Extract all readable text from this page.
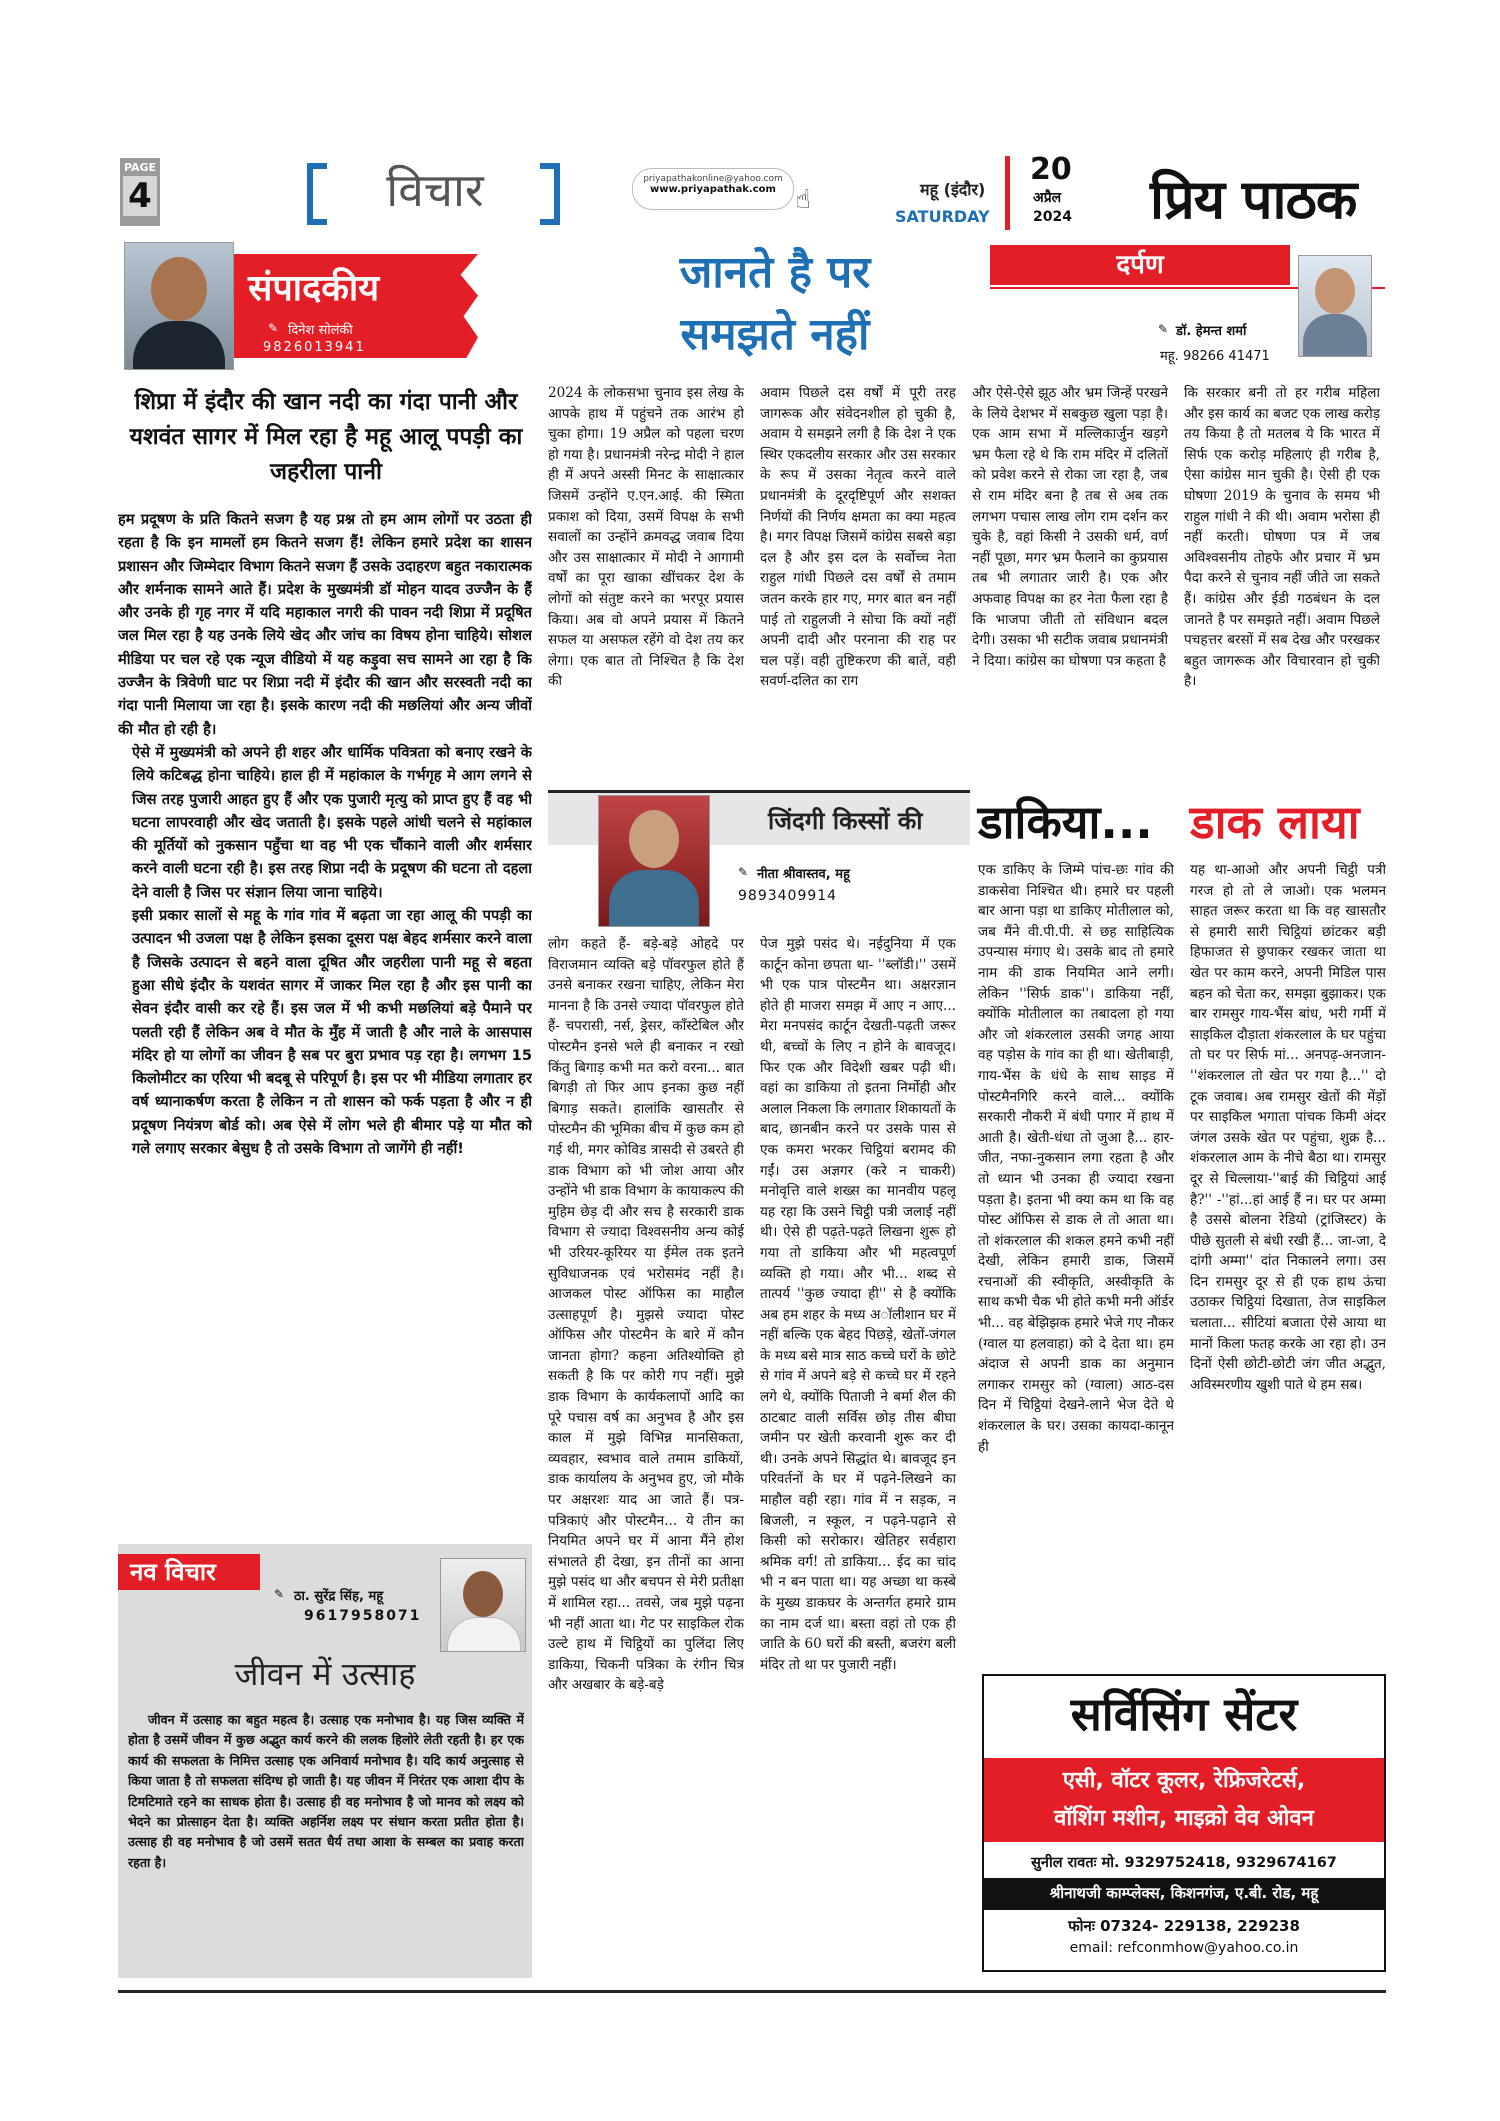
PAGE
4	विचार	priyapathakonline@yahoo.com
www.priyapathak.com ☝	महू (इंदौर)
SATURDAY
20
अप्रैल
2024 प्रिय पाठक
संपादकीय
✎ दिनेश सोलंकी
9826013941
शिप्रा में इंदौर की खान नदी का गंदा पानी और यशवंत सागर में मिल रहा है महू आलू पपड़ी का जहरीला पानी

हम प्रदूषण के प्रति कितने सजग है यह प्रश्न तो हम आम लोगों पर उठता ही रहता है कि इन मामलों हम कितने सजग हैं! लेकिन हमारे प्रदेश का शासन प्रशासन और जिम्मेदार विभाग कितने सजग हैं उसके उदाहरण बहुत नकारात्मक और शर्मनाक सामने आते हैं। प्रदेश के मुख्यमंत्री डॉ मोहन यादव उज्जैन के हैं और उनके ही गृह नगर में यदि महाकाल नगरी की पावन नदी शिप्रा में प्रदूषित जल मिल रहा है यह उनके लिये खेद और जांच का विषय होना चाहिये। सोशल मीडिया पर चल रहे एक न्यूज वीडियो में यह कड़ुवा सच सामने आ रहा है कि उज्जैन के त्रिवेणी घाट पर शिप्रा नदी में इंदौर की खान और सरस्वती नदी का गंदा पानी मिलाया जा रहा है। इसके कारण नदी की मछलियां और अन्य जीवों की मौत हो रही है।

ऐसे में मुख्यमंत्री को अपने ही शहर और धार्मिक पवित्रता को बनाए रखने के लिये कटिबद्ध होना चाहिये। हाल ही में महांकाल के गर्भगृह मे आग लगने से जिस तरह पुजारी आहत हुए हैं और एक पुजारी मृत्यु को प्राप्त हुए हैं वह भी घटना लापरवाही और खेद जताती है। इसके पहले आंधी चलने से महांकाल की मूर्तियों को नुकसान पहुँचा था वह भी एक चौंकाने वाली और शर्मसार करने वाली घटना रही है। इस तरह शिप्रा नदी के प्रदूषण की घटना तो दहला देने वाली है जिस पर संज्ञान लिया जाना चाहिये।

इसी प्रकार सालों से महू के गांव गांव में बढ़ता जा रहा आलू की पपड़ी का उत्पादन भी उजला पक्ष है लेकिन इसका दूसरा पक्ष बेहद शर्मसार करने वाला है जिसके उत्पादन से बहने वाला दूषित और जहरीला पानी महू से बहता हुआ सीधे इंदौर के यशवंत सागर में जाकर मिल रहा है और इस पानी का सेवन इंदौर वासी कर रहे हैं। इस जल में भी कभी मछलियां बड़े पैमाने पर पलती रही हैं लेकिन अब वे मौत के मुँह में जाती है और नाले के आसपास मंदिर हो या लोगों का जीवन है सब पर बुरा प्रभाव पड़ रहा है। लगभग 15 किलोमीटर का एरिया भी बदबू से परिपूर्ण है। इस पर भी मीडिया लगातार हर वर्ष ध्यानाकर्षण करता है लेकिन न तो शासन को फर्क पड़ता है और न ही प्रदूषण नियंत्रण बोर्ड को। अब ऐसे में लोग भले ही बीमार पड़े या मौत को गले लगाए सरकार बेसुध है तो उसके विभाग तो जागेंगे ही नहीं!

नव विचार
✎ ठा. सुरेंद्र सिंह, महू
9617958071
जीवन में उत्साह
जीवन में उत्साह का बहुत महत्व है। उत्साह एक मनोभाव है। यह जिस व्यक्ति में होता है उसमें जीवन में कुछ अद्भुत कार्य करने की ललक हिलोरे लेती रहती है। हर एक कार्य की सफलता के निमित्त उत्साह एक अनिवार्य मनोभाव है। यदि कार्य अनुत्साह से किया जाता है तो सफलता संदिग्ध हो जाती है। यह जीवन में निरंतर एक आशा दीप के टिमटिमाते रहने का साधक होता है। उत्साह ही वह मनोभाव है जो मानव को लक्ष्य को भेदने का प्रोत्साहन देता है। व्यक्ति अहर्निश लक्ष्य पर संधान करता प्रतीत होता है। उत्साह ही वह मनोभाव है जो उसमें सतत धैर्य तथा आशा के सम्बल का प्रवाह करता रहता है।
जानते है पर
समझते नहीं
दर्पण
✎ डॉ. हेमन्त शर्मा
महू. 98266 41471
2024 के लोकसभा चुनाव इस लेख के आपके हाथ में पहुंचने तक आरंभ हो चुका होगा। 19 अप्रैल को पहला चरण हो गया है। प्रधानमंत्री नरेन्द्र मोदी ने हाल ही में अपने अस्सी मिनट के साक्षात्कार जिसमें उन्होंने ए.एन.आई. की स्मिता प्रकाश को दिया, उसमें विपक्ष के सभी सवालों का उन्होंने क्रमवद्ध जवाब दिया और उस साक्षात्कार में मोदी ने आगामी वर्षों का पूरा खाका खींचकर देश के लोगों को संतुष्ट करने का भरपूर प्रयास किया। अब वो अपने प्रयास में कितने सफल या असफल रहेंगे वो देश तय कर लेगा। एक बात तो निश्चित है कि देश की
अवाम पिछले दस वर्षों में पूरी तरह जागरूक और संवेदनशील हो चुकी है, अवाम ये समझने लगी है कि देश ने एक स्थिर एकदलीय सरकार और उस सरकार के रूप में उसका नेतृत्व करने वाले प्रधानमंत्री के दूरदृष्टिपूर्ण और सशक्त निर्णयों की निर्णय क्षमता का क्या महत्व है। मगर विपक्ष जिसमें कांग्रेस सबसे बड़ा दल है और इस दल के सर्वोच्च नेता राहुल गांधी पिछले दस वर्षों से तमाम जतन करके हार गए, मगर बात बन नहीं पाई तो राहुलजी ने सोचा कि क्यों नहीं अपनी दादी और परनाना की राह पर चल पड़ें। वही तुष्टिकरण की बातें, वही सवर्ण-दलित का राग
और ऐसे-ऐसे झूठ और भ्रम जिन्हें परखने के लिये देशभर में सबकुछ खुला पड़ा है। एक आम सभा में मल्लिकार्जुन खड़गे भ्रम फैला रहे थे कि राम मंदिर में दलितों को प्रवेश करने से रोका जा रहा है, जब से राम मंदिर बना है तब से अब तक लगभग पचास लाख लोग राम दर्शन कर चुके है, वहां किसी ने उसकी धर्म, वर्ण नहीं पूछा, मगर भ्रम फैलाने का कुप्रयास तब भी लगातार जारी है। एक और अफवाह विपक्ष का हर नेता फैला रहा है कि भाजपा जीती तो संविधान बदल देगी। उसका भी सटीक जवाब प्रधानमंत्री ने दिया। कांग्रेस का घोषणा पत्र कहता है
कि सरकार बनी तो हर गरीब महिला और इस कार्य का बजट एक लाख करोड़ तय किया है तो मतलब ये कि भारत में सिर्फ एक करोड़ महिलाएं ही गरीब है, ऐसा कांग्रेस मान चुकी है। ऐसी ही एक घोषणा 2019 के चुनाव के समय भी राहुल गांधी ने की थी। अवाम भरोसा ही नहीं करती। घोषणा पत्र में जब अविश्वसनीय तोहफे और प्रचार में भ्रम पैदा करने से चुनाव नहीं जीते जा सकते हैं। कांग्रेस और ईडी गठबंधन के दल जानते है पर समझते नहीं। अवाम पिछले पचहत्तर बरसों में सब देख और परखकर बहुत जागरूक और विचारवान हो चुकी है।
जिंदगी किस्सों की
✎ नीता श्रीवास्तव, महू
9893409914
डाकिया... डाक लाया
लोग कहते हैं- बड़े-बड़े ओहदे पर विराजमान व्यक्ति बड़े पॉवरफुल होते हैं उनसे बनाकर रखना चाहिए, लेकिन मेरा मानना है कि उनसे ज्यादा पॉवरफुल होते हैं- चपरासी, नर्स, ड्रेसर, कॉंस्टेबिल और पोस्टमैन इनसे भले ही बनाकर न रखो किंतु बिगाड़ कभी मत करो वरना... बात बिगड़ी तो फिर आप इनका कुछ नहीं बिगाड़ सकते। हालांकि खासतौर से पोस्टमैन की भूमिका बीच में कुछ कम हो गई थी, मगर कोविड त्रासदी से उबरते ही डाक विभाग को भी जोश आया और उन्होंने भी डाक विभाग के कायाकल्प की मुहिम छेड़ दी और सच है सरकारी डाक विभाग से ज्यादा विश्वसनीय अन्य कोई भी उरियर-कूरियर या ईमेल तक इतने सुविधाजनक एवं भरोसमंद नहीं है। आजकल पोस्ट ऑफिस का माहौल उत्साहपूर्ण है। मुझसे ज्यादा पोस्ट ऑफिस और पोस्टमैन के बारे में कौन जानता होगा? कहना अतिश्योक्ति हो सकती है कि पर कोरी गप नहीं। मुझे डाक विभाग के कार्यकलापों आदि का पूरे पचास वर्ष का अनुभव है और इस काल में मुझे विभिन्न मानसिकता, व्यवहार, स्वभाव वाले तमाम डाकियों, डाक कार्यालय के अनुभव हुए, जो मौके पर अक्षरशः याद आ जाते हैं। पत्र-पत्रिकाएं और पोस्टमैन... ये तीन का नियमित अपने घर में आना मैंने होश संभालते ही देखा, इन तीनों का आना मुझे पसंद था और बचपन से मेरी प्रतीक्षा में शामिल रहा... तवसे, जब मुझे पढ़ना भी नहीं आता था। गेट पर साइकिल रोक उल्टे हाथ में चिट्ठियों का पुलिंदा लिए डाकिया, चिकनी पत्रिका के रंगीन चित्र और अखबार के बड़े-बड़े
पेज मुझे पसंद थे। नईदुनिया में एक कार्टून कोना छपता था- ''ब्लॉडी।'' उसमें भी एक पात्र पोस्टमैन था। अक्षरज्ञान होते ही माजरा समझ में आए न आए... मेरा मनपसंद कार्टून देखती-पढ़ती जरूर थी, बच्चों के लिए न होने के बावजूद। फिर एक और विदेशी खबर पढ़ी थी। वहां का डाकिया तो इतना निर्मोही और अलाल निकला कि लगातार शिकायतों के बाद, छानबीन करने पर उसके पास से एक कमरा भरकर चिट्ठियां बरामद की गईं। उस अज्ञगर (करे न चाकरी) मनोवृत्ति वाले शख्स का मानवीय पहलू यह रहा कि उसने चिट्ठी पत्री जलाई नहीं थी। ऐसे ही पढ़ते-पढ़ते लिखना शुरू हो गया तो डाकिया और भी महत्वपूर्ण व्यक्ति हो गया। और भी... शब्द से तात्पर्य ''कुछ ज्यादा ही'' से है क्योंकि अब हम शहर के मध्य अॉलीशान घर में नहीं बल्कि एक बेहद पिछड़े, खेतों-जंगल के मध्य बसे मात्र साठ कच्चे घरों के छोटे से गांव में अपने बड़े से कच्चे घर में रहने लगे थे, क्योंकि पिताजी ने बर्मा शैल की ठाटबाट वाली सर्विस छोड़ तीस बीघा जमीन पर खेती करवानी शुरू कर दी थी। उनके अपने सिद्धांत थे। बावजूद इन परिवर्तनों के घर में पढ़ने-लिखने का माहौल वही रहा। गांव में न सड़क, न बिजली, न स्कूल, न पढ़ने-पढ़ाने से किसी को सरोकार। खेतिहर सर्वहारा श्रमिक वर्ग! तो डाकिया... ईद का चांद भी न बन पाता था। यह अच्छा था कस्बे के मुख्य डाकघर के अन्तर्गत हमारे ग्राम का नाम दर्ज था। बस्ता वहां तो एक ही जाति के 60 घरों की बस्ती, बजरंग बली मंदिर तो था पर पुजारी नहीं।
एक डाकिए के जिम्मे पांच-छः गांव की डाकसेवा निश्चित थी। हमारे घर पहली बार आना पड़ा था डाकिए मोतीलाल को, जब मैंने वी.पी.पी. से छह साहित्यिक उपन्यास मंगाए थे। उसके बाद तो हमारे नाम की डाक नियमित आने लगी। लेकिन ''सिर्फ डाक''। डाकिया नहीं, क्योंकि मोतीलाल का तबादला हो गया और जो शंकरलाल उसकी जगह आया वह पड़ोस के गांव का ही था। खेतीबाड़ी, गाय-भैंस के धंधे के साथ साइड में पोस्टमैनगिरि करने वाले... क्योंकि सरकारी नौकरी में बंधी पगार में हाथ में आती है। खेती-धंधा तो जुआ है... हार-जीत, नफा-नुकसान लगा रहता है और तो ध्यान भी उनका ही ज्यादा रखना पड़ता है। इतना भी क्या कम था कि वह पोस्ट ऑफिस से डाक ले तो आता था। तो शंकरलाल की शकल हमने कभी नहीं देखी, लेकिन हमारी डाक, जिसमें रचनाओं की स्वीकृति, अस्वीकृति के साथ कभी चैक भी होते कभी मनी ऑर्डर भी... वह बेझिझक हमारे भेजे गए नौकर (ग्वाल या हलवाहा) को दे देता था। हम अंदाज से अपनी डाक का अनुमान लगाकर रामसुर को (ग्वाला) आठ-दस दिन में चिट्ठियां देखने-लाने भेज देते थे शंकरलाल के घर। उसका कायदा-कानून ही
यह था-आओ और अपनी चिट्ठी पत्री गरज हो तो ले जाओ। एक भलमन साहत जरूर करता था कि वह खासतौर से हमारी सारी चिट्ठियां छांटकर बड़ी हिफाजत से छुपाकर रखकर जाता था खेत पर काम करने, अपनी मिडिल पास बहन को चेता कर, समझा बुझाकर। एक बार रामसुर गाय-भैंस बांध, भरी गर्मी में साइकिल दौड़ाता शंकरलाल के घर पहुंचा तो घर पर सिर्फ मां... अनपढ़-अनजान-''शंकरलाल तो खेत पर गया है...'' दो टूक जवाब। अब रामसुर खेतों की मेंड़ों पर साइकिल भगाता पांचक किमी अंदर जंगल उसके खेत पर पहुंचा, शुक्र है... शंकरलाल आम के नीचे बैठा था। रामसुर दूर से चिल्लाया-''बाई की चिट्ठियां आई है?'' -''हां...हां आई हैं न। घर पर अम्मा है उससे बोलना रेडियो (ट्रांजिस्टर) के पीछे सुतली से बंधी रखी हैं... जा-जा, दे दांगी अम्मा'' दांत निकालने लगा। उस दिन रामसुर दूर से ही एक हाथ ऊंचा उठाकर चिट्ठियां दिखाता, तेज साइकिल चलाता... सीटियां बजाता ऐसे आया था मानों किला फतह करके आ रहा हो। उन दिनों ऐसी छोटी-छोटी जंग जीत अद्भुत, अविस्मरणीय खुशी पाते थे हम सब।
सर्विसिंग सेंटर
एसी, वॉटर कूलर, रेफ्रिजरेटर्स,
वॉशिंग मशीन, माइक्रो वेव ओवन
सुनील रावतः मो. 9329752418, 9329674167
श्रीनाथजी काम्प्लेक्स, किशनगंज, ए.बी. रोड, महू
फोनः 07324- 229138, 229238
email: refconmhow@yahoo.co.in
